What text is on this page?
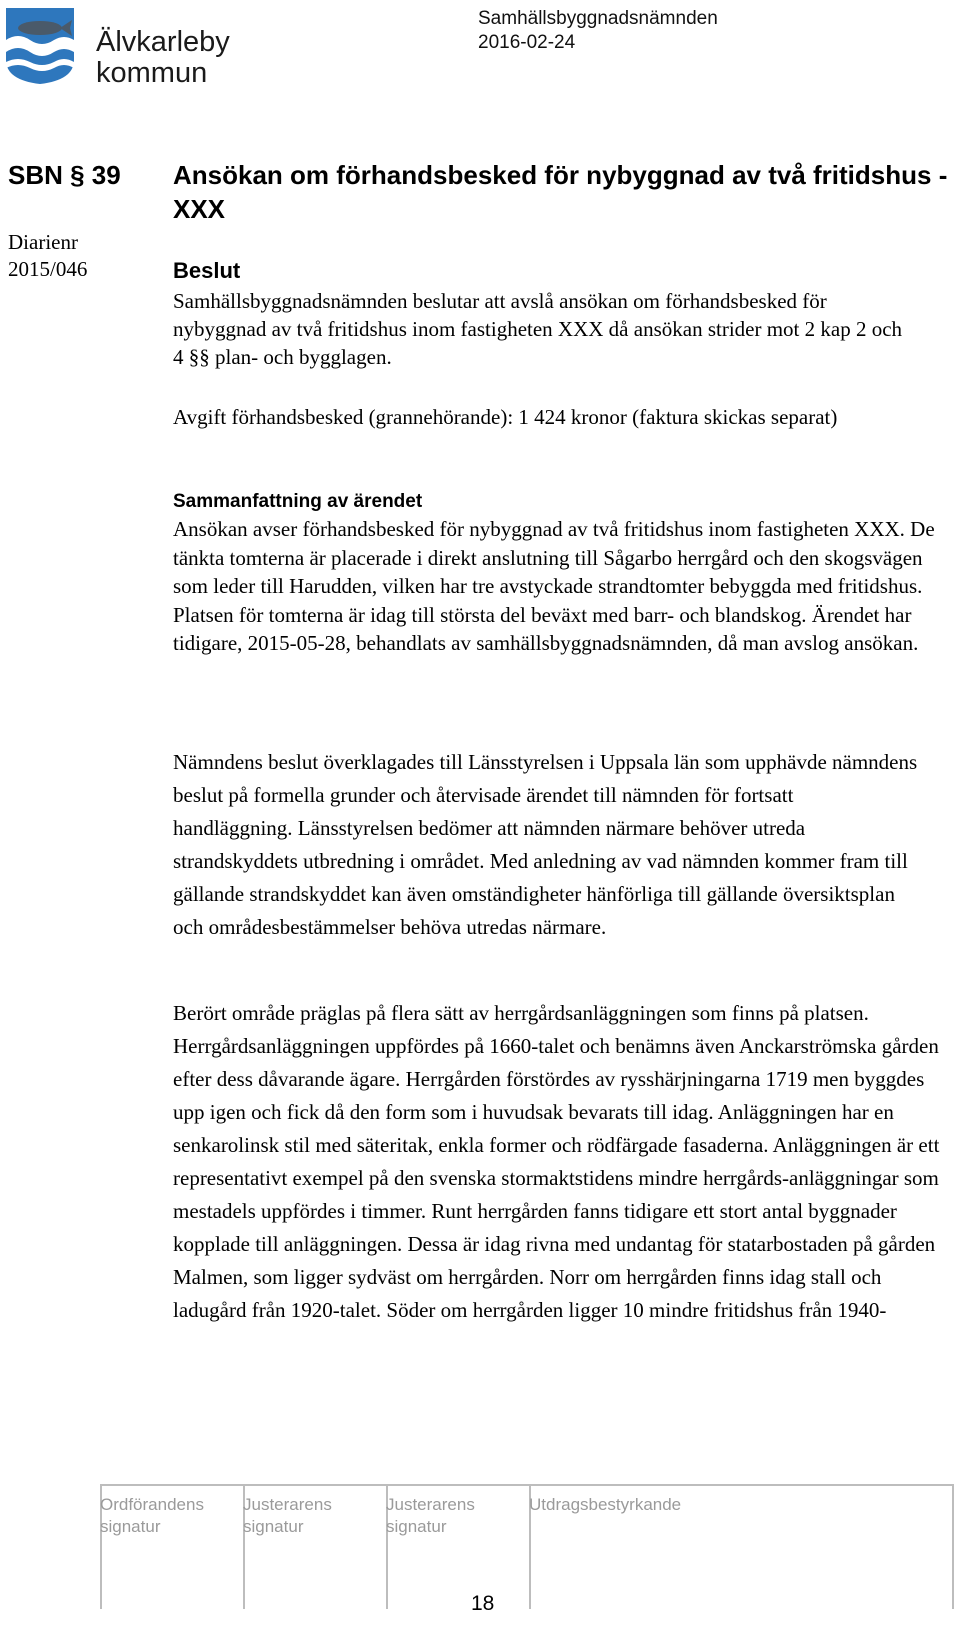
Älvkarleby
kommun
Samhällsbyggnadsnämnden
2016-02-24
SBN § 39
Diarienr
2015/046
Ansökan om förhandsbesked för nybyggnad av två fritidshus - XXX
Beslut

Samhällsbyggnadsnämnden beslutar att avslå ansökan om förhandsbesked för nybyggnad av två fritidshus inom fastigheten XXX då ansökan strider mot 2 kap 2 och 4 §§ plan- och bygglagen.

Avgift förhandsbesked (grannehörande): 1 424 kronor (faktura skickas separat)

Sammanfattning av ärendet

Ansökan avser förhandsbesked för nybyggnad av två fritidshus inom fastigheten XXX. De tänkta tomterna är placerade i direkt anslutning till Sågarbo herrgård och den skogsvägen som leder till Harudden, vilken har tre avstyckade strandtomter bebyggda med fritidshus. Platsen för tomterna är idag till största del beväxt med barr- och blandskog. Ärendet har tidigare, 2015-05-28, behandlats av samhällsbyggnadsnämnden, då man avslog ansökan.

Nämndens beslut överklagades till Länsstyrelsen i Uppsala län som upphävde nämndens beslut på formella grunder och återvisade ärendet till nämnden för fortsatt handläggning. Länsstyrelsen bedömer att nämnden närmare behöver utreda strandskyddets utbredning i området. Med anledning av vad nämnden kommer fram till gällande strandskyddet kan även omständigheter hänförliga till gällande översiktsplan och områdesbestämmelser behöva utredas närmare.

Berört område präglas på flera sätt av herrgårdsanläggningen som finns på platsen. Herrgårdsanläggningen uppfördes på 1660-talet och benämns även Anckarströmska gården efter dess dåvarande ägare. Herrgården förstördes av rysshärjningarna 1719 men byggdes upp igen och fick då den form som i huvudsak bevarats till idag. Anläggningen har en senkarolinsk stil med säteritak, enkla former och rödfärgade fasaderna. Anläggningen är ett representativt exempel på den svenska stormaktstidens mindre herrgårds-anläggningar som mestadels uppfördes i timmer. Runt herrgården fanns tidigare ett stort antal byggnader kopplade till anläggningen. Dessa är idag rivna med undantag för statarbostaden på gården Malmen, som ligger sydväst om herrgården. Norr om herrgården finns idag stall och ladugård från 1920-talet. Söder om herrgården ligger 10 mindre fritidshus från 1940-

Ordförandens
signatur
Justerarens
signatur
Justerarens
signatur
Utdragsbestyrkande
18
